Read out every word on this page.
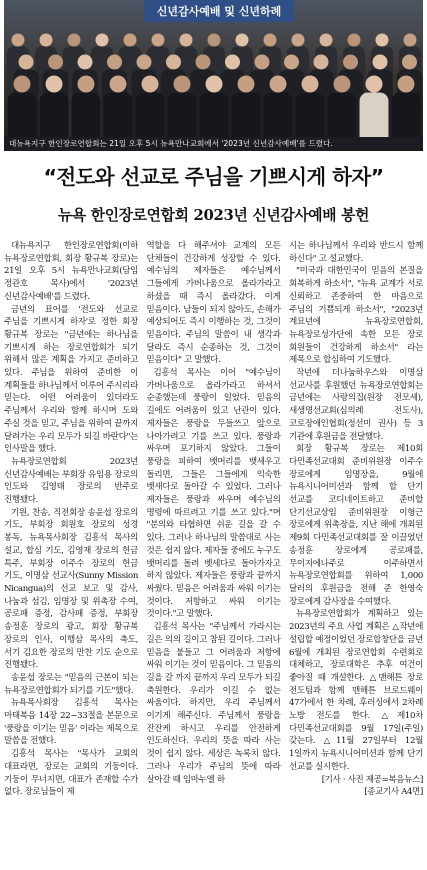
신년감사예배 및 신년하례
대뉴욕지구 한인장로연합회는 21일 오후 5시 뉴욕만나교회에서 '2023년 신년감사예배'를 드렸다.
“전도와 선교로 주님을 기쁘시게 하자”
뉴욕 한인장로연합회 2023년 신년감사예배 봉헌

대뉴욕지구 한인장로연합회(이하 뉴욕장로연합회, 회장 황규복 장로)는 21일 오후 5시 뉴욕만나교회(담임 정관호 목사)에서 '2023년 신년감사예배'를 드렸다.

금년의 표어를 '전도와 선교로 주님을 기쁘시게 하자'로 정한 회장 황규복 장로는 "금년에는 하나님을 기쁘시게 하는 장로연합회가 되기 위해서 많은 계획을 가지고 준비하고 있다. 주님을 위하여 준비한 이 계획들을 하나님께서 이루어 주시리라 믿는다. 어떤 어려움이 있더라도 주님께서 우리와 함께 하시며 도와 주실 것을 믿고, 주님을 위하여 끝까지 달려가는 우리 모두가 되길 바란다"는 인사말을 했다.

뉴욕장로연합회 2023년 신년감사예배는 부회장 유임용 장로의 인도와 김영태 장로의 반주로 진행됐다.

기원, 찬송, 직전회장 송윤섭 장로의 기도, 부회장 회원호 장로의 성경 봉독, 뉴욕목사회장 김흥석 목사의 설교, 합심 기도, 김영재 장로의 헌금 특주, 부회장 이주수 장로의 헌금 기도, 이명삼 선교사(Sunny Mission Nicangua)의 선교 보고 및 감사, 나눔과 섬김, 임명장 및 위촉장 수여, 공로패 증정, 감사패 증정, 부회장 송정훈 장로의 광고, 회장 황규복 장로의 인사, 이행삼 목사의 축도, 서기 김요한 장로의 만찬 기도 순으로 진행됐다.

송윤섭 장로는 "믿음의 근본이 되는 뉴욕장로연합회가 되기를 기도"했다.

뉴욕목사회장 김흥석 목사는 마태복음 14장 22~33절을 본문으로 '풍랑을 이기는 믿음' 이라는 제목으로 말씀을 전했다.

김흥석 목사는 "목사가 교회의 대표라면, 장로는 교회의 기둥이다. 기둥이 무너지면, 대표가 존재할 수가 없다. 장로님들이 제

역할을 다 해주셔야 교계의 모든 단체들이 건강하게 성장할 수 있다. 예수님의 제자들은 예수님께서 그들에게 가버나움으로 올라가라고 하셨을 때 즉시 올라갔다. 이게 믿음이다. 남들이 되지 않아도, 손해가 예상되어도 즉시 이행하는 것, 그것이 믿음이다. 주님의 말씀이 내 생각과 달라도 즉시 순종하는 것, 그것이 믿음이다" 고 말했다.

김흥석 목사는 이어 "예수님이 가버나움으로 올라가라고 하셔서 순종했는데 풍랑이 일었다. 믿음의 길에도 어려움이 있고 난관이 있다. 제자들은 풍랑을 두들쓰고 앞으로 나아가려고 기를 쓰고 있다. 풍랑과 싸우며 포기하지 않았다. 그들이 풍랑을 피하여 뱃머리를 뱃세우고 돌리면, 그들은 그들에게 익숙한 벳새다로 돌아갈 수 있었다. 그러나 제자들은 풍랑과 싸우며 예수님의 명령에 따르려고 기를 쓰고 있다."며 "분의와 타협하면 쉬운 길을 갈 수 있다. 그러나 하나님의 말씀대로 사는 것은 쉽지 않다. 제자들 중에도 누구도 뱃머리를 돌려 벳세다로 돌아가자고 하지 않았다. 제자들은 풍랑과 끝까지 싸웠다. 믿음은 어려움과 싸워 이기는 것이다. 저항하고 싸워 이기는 것이다."고 말했다.

김흥석 목사는 "주님께서 가라시는 길은 의의 길이고 참된 길이다. 그러나 믿음을 붙들고 그 어려움과 저항에 싸워 이기는 것이 믿음이다. 그 믿음의 길을 갈 까지 끝까지 우리 모두가 되길 축원한다. 우리가 이길 수 없는 싸움이다. 하지만, 우리 주님께서 이기게 해주신다. 주님께서 풍랑을 잔잔케 하시고 우리를 안전하게 인도하신다. 우리의 뜻을 따라 사는 것이 쉽지 않다. 세상은 녹록치 않다. 그러나 우리가 주님의 뜻에 따라 살아갈 때 임마누엘 하

시는 하나님께서 우리와 반드시 함께 하신다" 고 설교했다.

"미국과 대한민국이 믿음의 본질을 회복하게 하소서", "뉴욕 교계가 서로 신뢰하고 존중하여 한 마음으로 주님의 기쁨되게 하소서", "2023년 계묘년에 뉴욕장로연합회, 뉴욕장로성가단에 속한 모든 장로 회원들이 건강하게 하소서" 라는 제목으로 합심하여 기도했다.

작년에 더나눔하우스와 이명삼 선교사를 후원했던 뉴욕장로연합회는 금년에는 사랑의집(원장 전모세), 새생명선교회(심의례 전도사), 코로장애인협회(정선미 권사) 등 3 기관에 후원금을 전달했다.

회장 황규복 장로는 제10회 다민족선교대회 준비위원장 이주수 장로에게 임명장을, 9월에 뉴욕시니어미션과 함께 할 단기 선교를 코디네이트하고 준비할 단기선교상임 준비위원장 이형근 장로에게 위촉장을, 지난 해에 개최된 제9회 다민족선교대회를 잘 이끌었던 송정훈 장로에게 공로패를, 무이지에나주로 이주하면서 뉴욕장로연합회를 위하여 1,000 달러의 후원금을 전해 준 한영숙 장로에게 감사장을 수여했다.

뉴욕장로연합회가 계획하고 있는 2023년의 주요 사업 계획은 △작년에 설립할 예정이었던 장로합창단을 금년 6월에 개최된 장로연합회 수련회로 대체하고, 장로대학은 추후 여건이 좋아질 때 개설한다. △맨해튼 장로 전도팀과 함께 맨해튼 브로드웨이 47가에서 한 차례, 후러싱에서 2차례 노방 전도를 한다. △제10차 다민족선교대회를 9월 17일(주일) 갖는다. △11월 27일부터 12월 1일까지 뉴욕시니어미션과 함께 단기 선교를 실시한다.

[기사 · 사진 제공=복음뉴스]
[종교기사 A4면]
